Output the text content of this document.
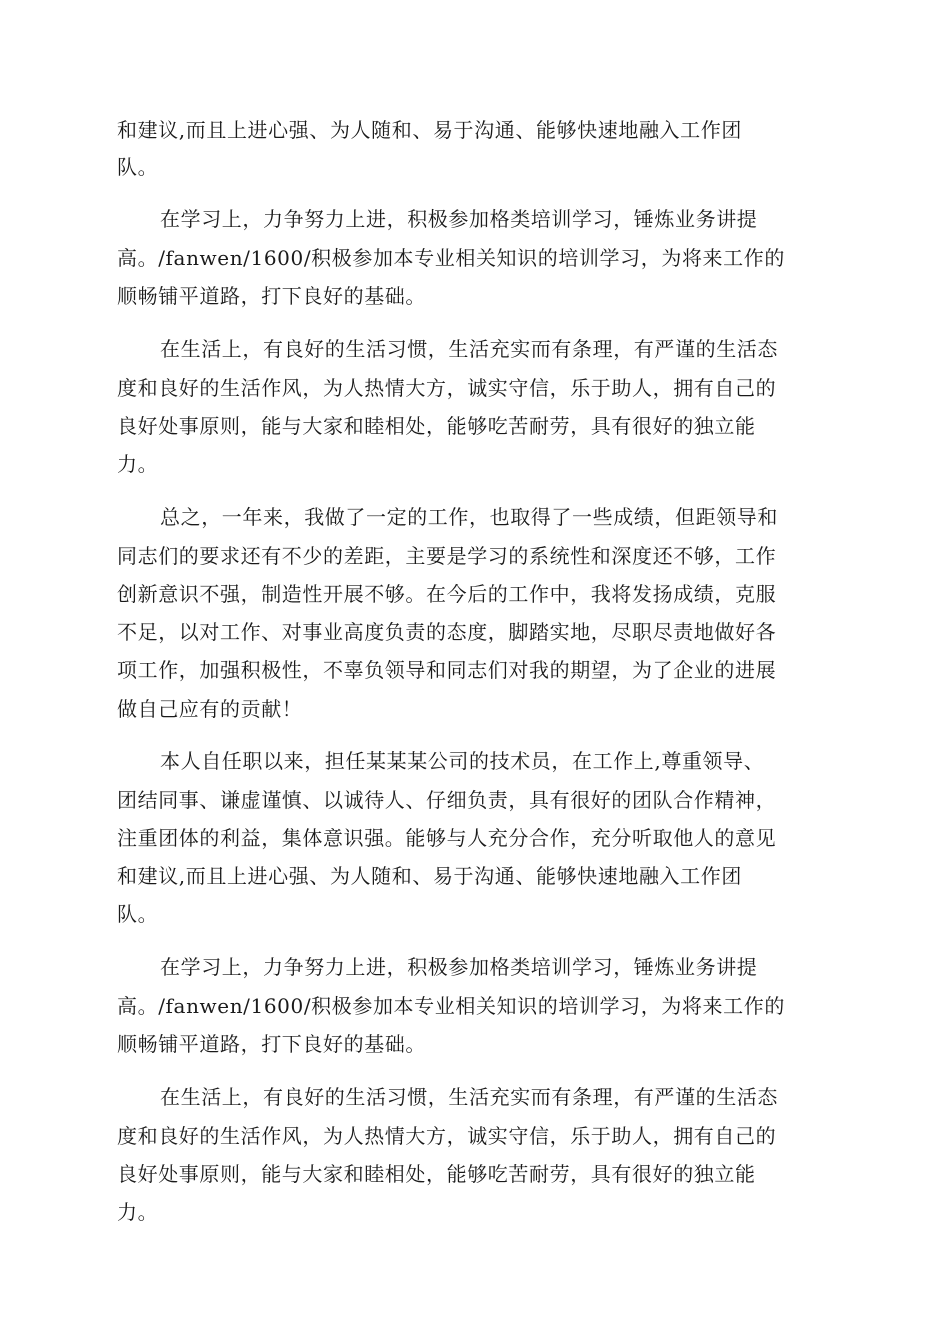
和建议,而且上进心强、为人随和、易于沟通、能够快速地融入工作团
队。
在学习上，力争努力上进，积极参加格类培训学习，锤炼业务讲提
高。/fanwen/1600/积极参加本专业相关知识的培训学习，为将来工作的
顺畅铺平道路，打下良好的基础。
在生活上，有良好的生活习惯，生活充实而有条理，有严谨的生活态
度和良好的生活作风，为人热情大方，诚实守信，乐于助人，拥有自己的
良好处事原则，能与大家和睦相处，能够吃苦耐劳，具有很好的独立能
力。
总之，一年来，我做了一定的工作，也取得了一些成绩，但距领导和
同志们的要求还有不少的差距，主要是学习的系统性和深度还不够，工作
创新意识不强，制造性开展不够。在今后的工作中，我将发扬成绩，克服
不足，以对工作、对事业高度负责的态度，脚踏实地，尽职尽责地做好各
项工作，加强积极性，不辜负领导和同志们对我的期望，为了企业的进展
做自己应有的贡献！
本人自任职以来，担任某某某公司的技术员，在工作上,尊重领导、
团结同事、谦虚谨慎、以诚待人、仔细负责，具有很好的团队合作精神，
注重团体的利益，集体意识强。能够与人充分合作，充分听取他人的意见
和建议,而且上进心强、为人随和、易于沟通、能够快速地融入工作团
队。
在学习上，力争努力上进，积极参加格类培训学习，锤炼业务讲提
高。/fanwen/1600/积极参加本专业相关知识的培训学习，为将来工作的
顺畅铺平道路，打下良好的基础。
在生活上，有良好的生活习惯，生活充实而有条理，有严谨的生活态
度和良好的生活作风，为人热情大方，诚实守信，乐于助人，拥有自己的
良好处事原则，能与大家和睦相处，能够吃苦耐劳，具有很好的独立能
力。
